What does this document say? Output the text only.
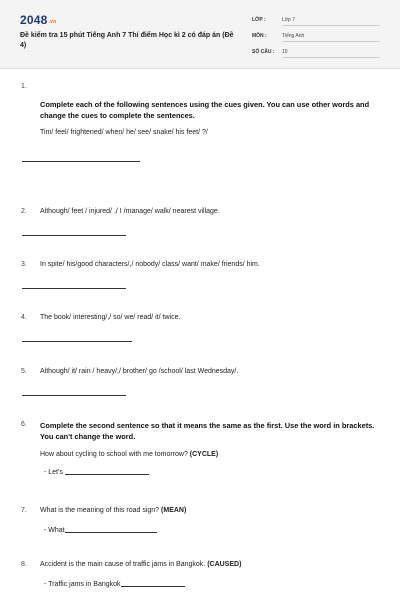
$2048^{.vn}$
Đề kiểm tra 15 phút Tiếng Anh 7 Thí điểm Học kì 2 có đáp án (Đề 4)
LỚP :	Lớp 7
MÔN :	Tiếng Anh
SỐ CÂU : 10
1.
Complete each of the following sentences using the cues given. You can use other words and change the cues to complete the sentences.
Tim/ feel/ frightened/ when/ he/ see/ snake/ his feet/ ?/
2. Although/ feet / injured/ ,/ I /manage/ walk/ nearest village.
3. In spite/ his/good characters/,/ nobody/ class/ want/ make/ friends/ him.
4. The book/ interesting/,/ so/ we/ read/ it/ twice.
5. Although/ it/ rain / heavy/,/ brother/ go /school/ last Wednesday/.
6. Complete the second sentence so that it means the same as the first. Use the word in brackets. You can't change the word.
How about cycling to school with me tomorrow? (CYCLE)
- Let's
7. What is the meaning of this road sign? (MEAN)
- What
8. Accident is the main cause of traffic jams in Bangkok. (CAUSED)
- Traffic jams in Bangkok
